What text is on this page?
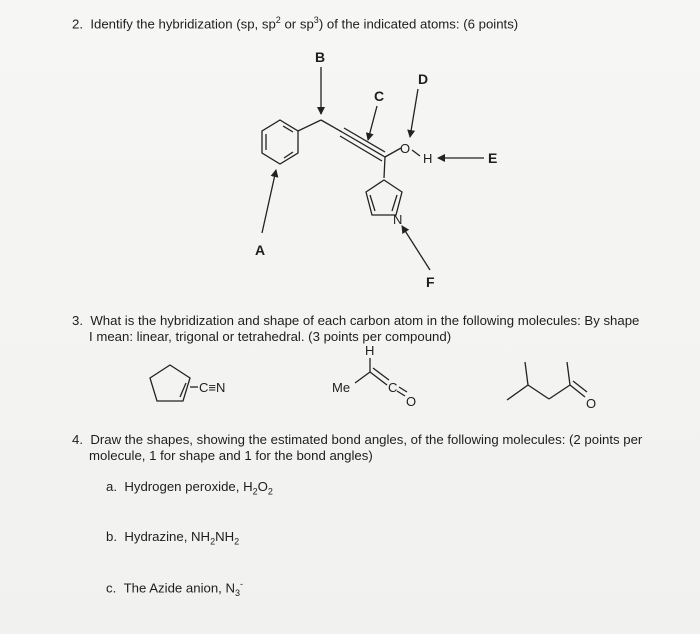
2. Identify the hybridization (sp, $sp^2$ or $sp^3$) of the indicated atoms: (6 points)
O
H
N
A
B
C
D
E
F
C≡N	Me
H
C
O	O
3. What is the hybridization and shape of each carbon atom in the following molecules: By shape
I mean: linear, trigonal or tetrahedral. (3 points per compound)
4. Draw the shapes, showing the estimated bond angles, of the following molecules: (2 points per
molecule, 1 for shape and 1 for the bond angles)
a. Hydrogen peroxide, $H_2O_2$
b. Hydrazine, $NH_2NH_2$
c. The Azide anion, $N_3^-$
